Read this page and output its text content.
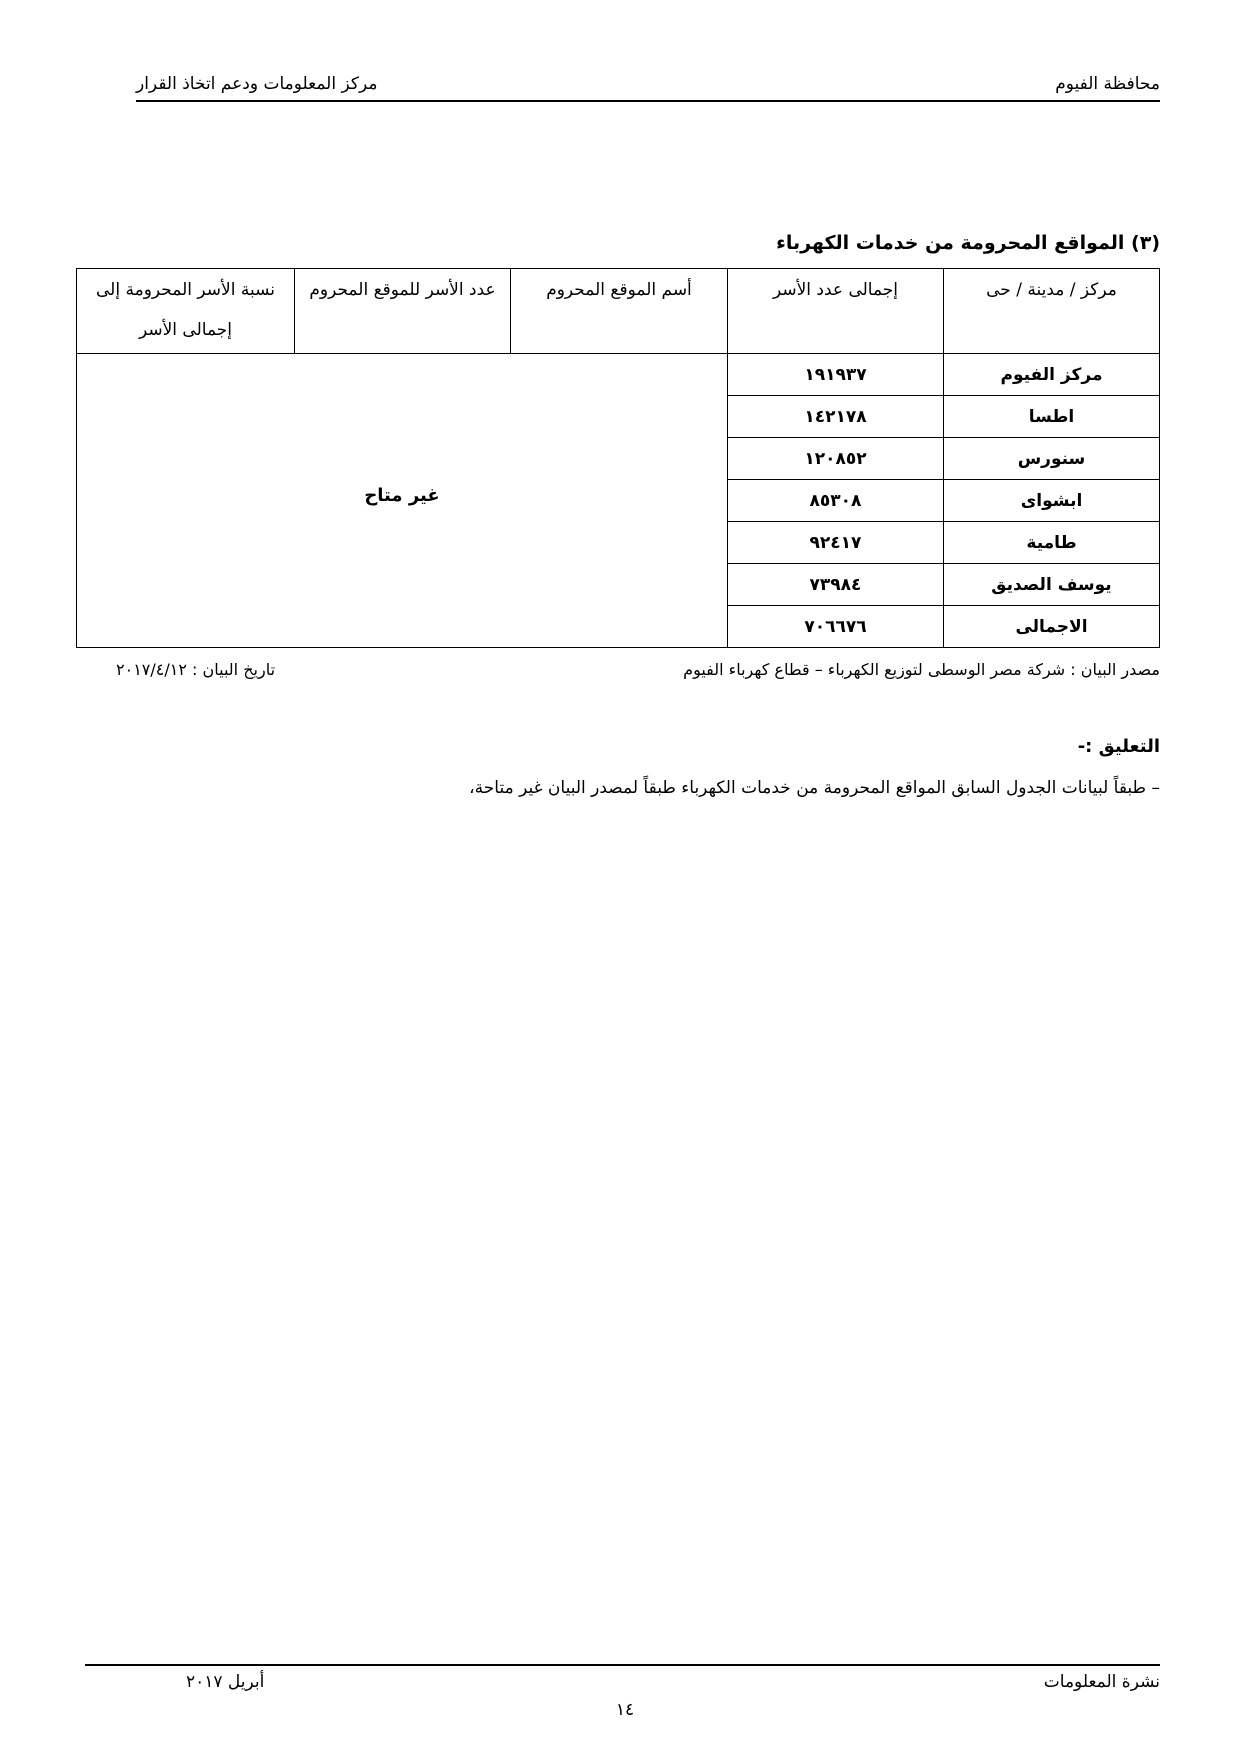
محافظة الفيوم
مركز المعلومات ودعم اتخاذ القرار
(٣) المواقع المحرومة من خدمات الكهرباء
مركز / مدينة / حى	إجمالى عدد الأسر	أسم الموقع المحروم	عدد الأسر للموقع المحروم	نسبة الأسر المحرومة إلى إجمالى الأسر
مركز الفيوم	١٩١٩٣٧	غير متاح		
اطسا	١٤٢١٧٨			
سنورس	١٢٠٨٥٢			
ابشواى	٨٥٣٠٨			
طامية	٩٢٤١٧			
يوسف الصديق	٧٣٩٨٤			
الاجمالى	٧٠٦٦٧٦			
مصدر البيان : شركة مصر الوسطى لتوزيع الكهرباء – قطاع كهرباء الفيوم
تاريخ البيان : ٢٠١٧/٤/١٢
التعليق :-
– طبقاً لبيانات الجدول السابق المواقع المحرومة من خدمات الكهرباء طبقاً لمصدر البيان غير متاحة،
نشرة المعلومات
أبريل ٢٠١٧
١٤
